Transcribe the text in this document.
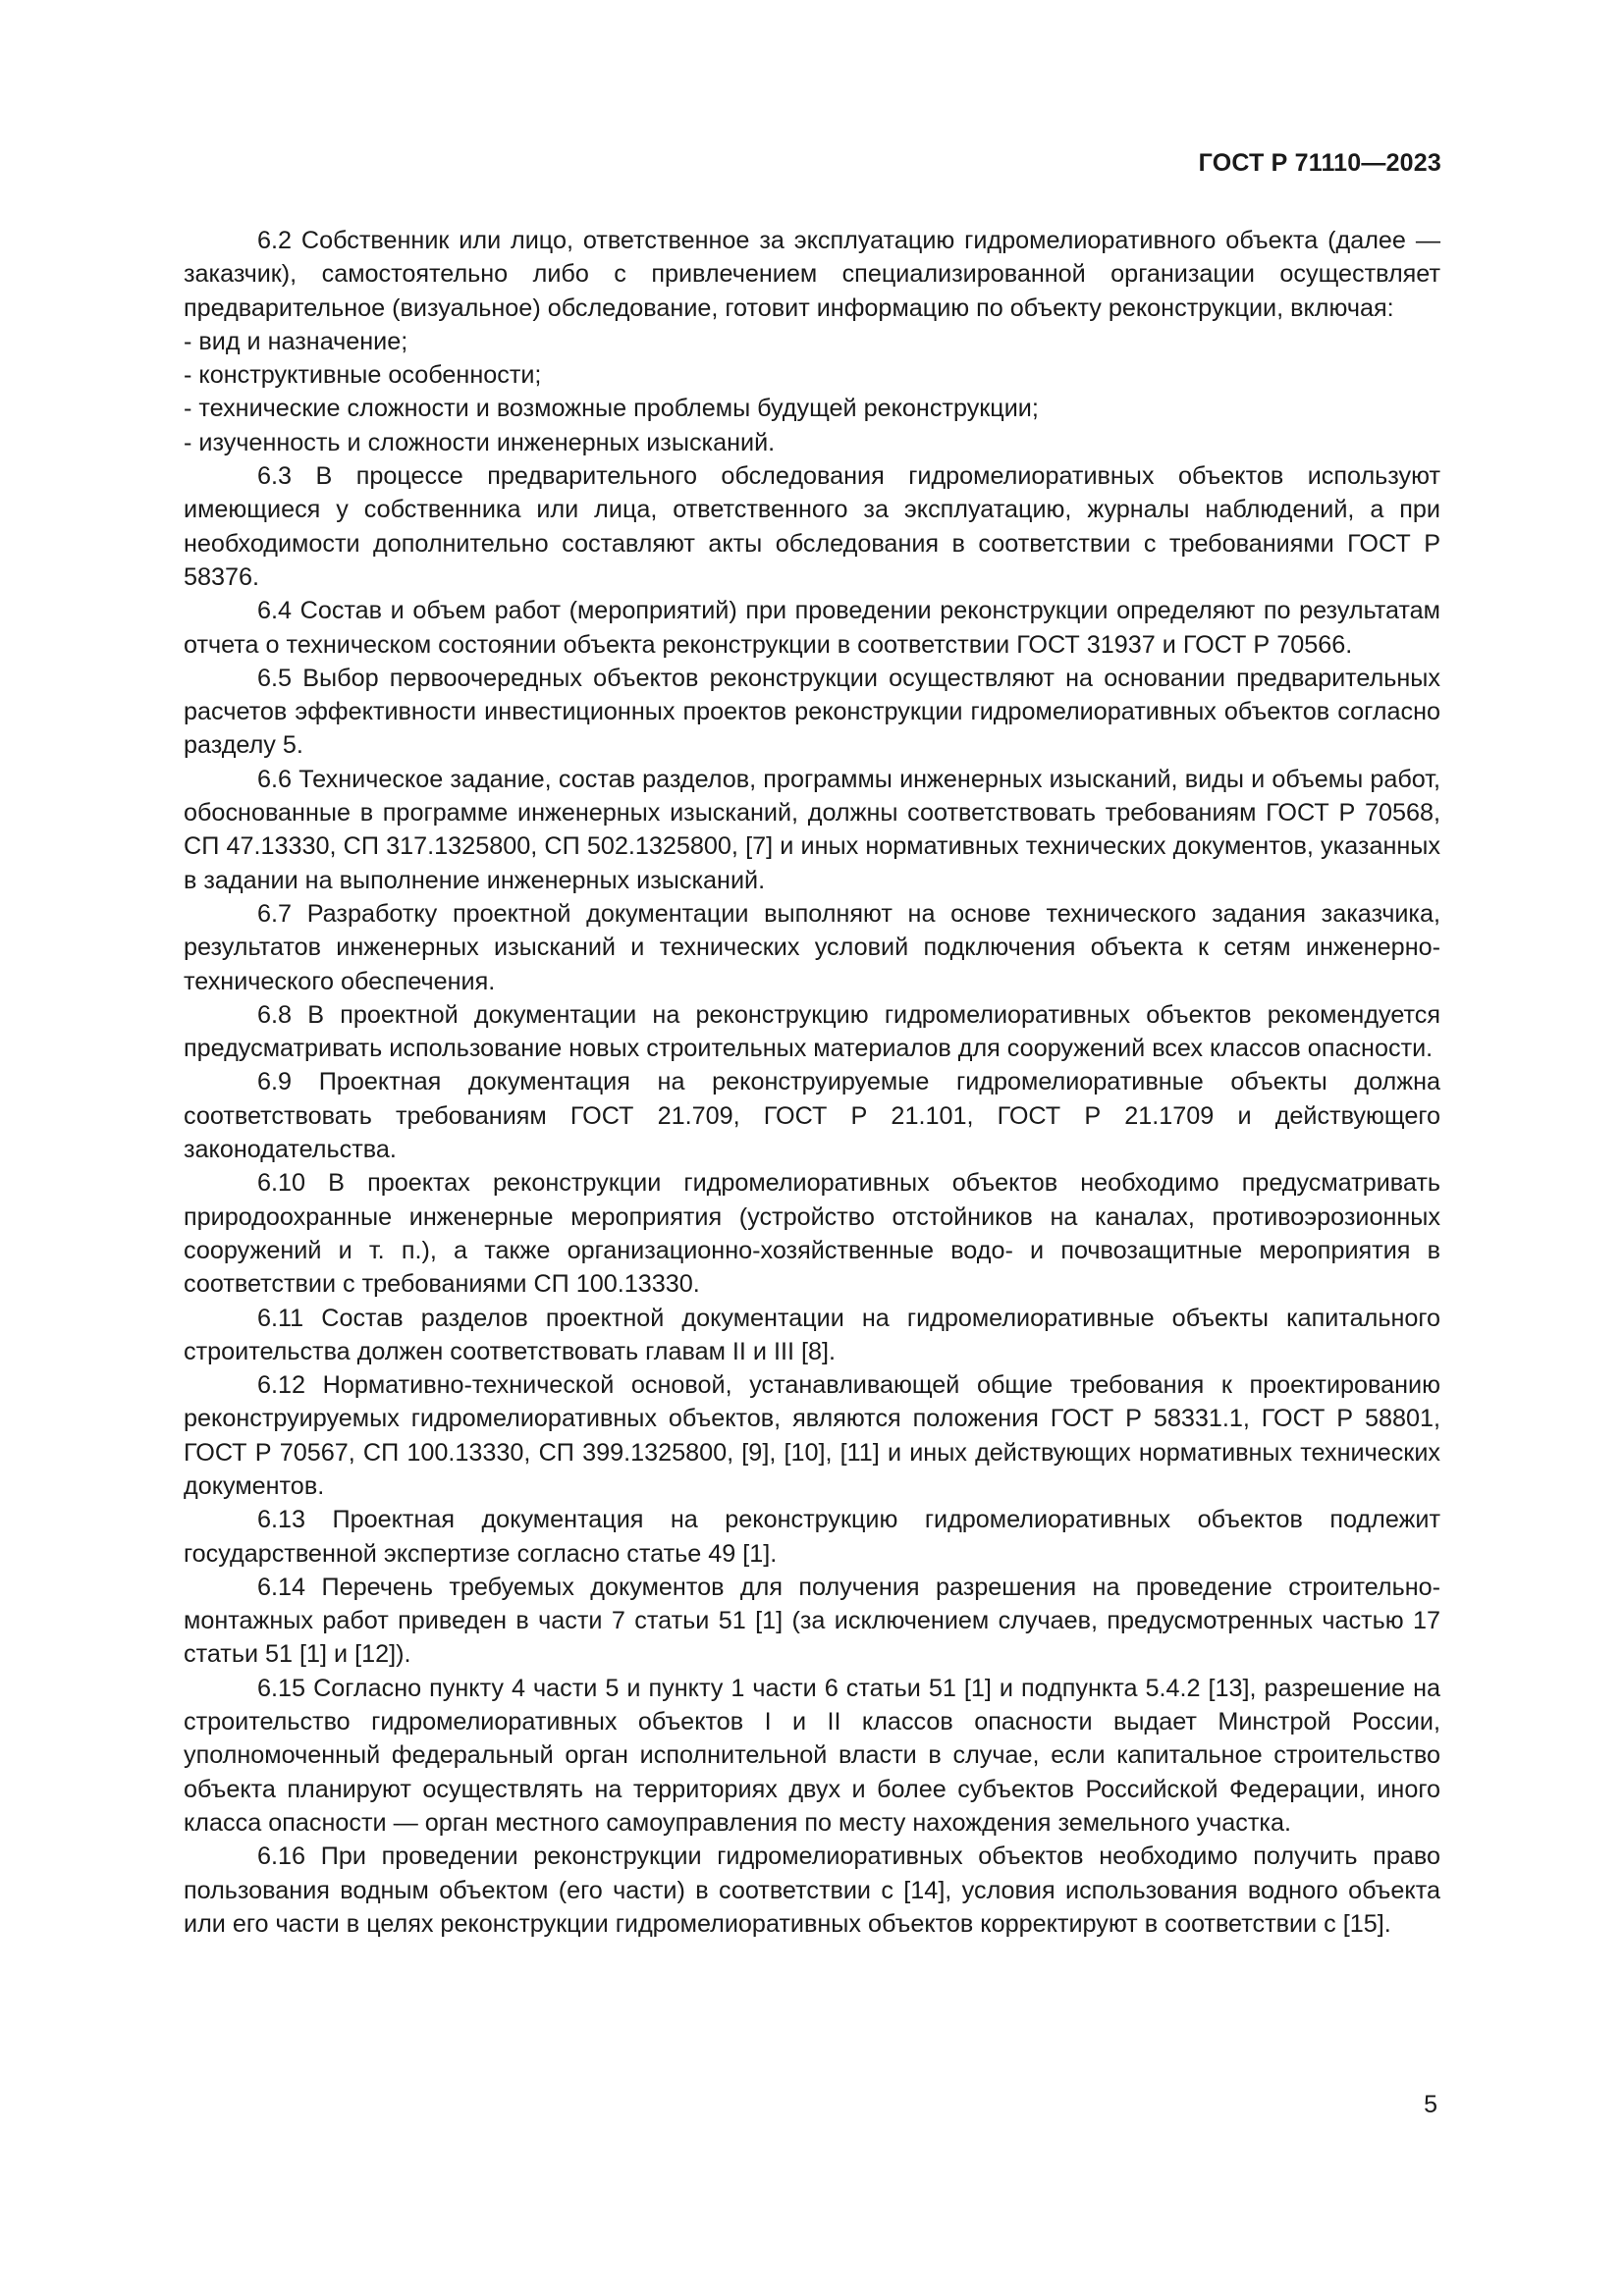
ГОСТ Р 71110—2023

6.2 Собственник или лицо, ответственное за эксплуатацию гидромелиоративного объекта (далее — заказчик), самостоятельно либо с привлечением специализированной организации осуществляет предварительное (визуальное) обследование, готовит информацию по объекту реконструкции, включая:

- вид и назначение;

- конструктивные особенности;

- технические сложности и возможные проблемы будущей реконструкции;

- изученность и сложности инженерных изысканий.

6.3 В процессе предварительного обследования гидромелиоративных объектов используют имеющиеся у собственника или лица, ответственного за эксплуатацию, журналы наблюдений, а при необходимости дополнительно составляют акты обследования в соответствии с требованиями ГОСТ Р 58376.

6.4 Состав и объем работ (мероприятий) при проведении реконструкции определяют по результатам отчета о техническом состоянии объекта реконструкции в соответствии ГОСТ 31937 и ГОСТ Р 70566.

6.5 Выбор первоочередных объектов реконструкции осуществляют на основании предварительных расчетов эффективности инвестиционных проектов реконструкции гидромелиоративных объектов согласно разделу 5.

6.6 Техническое задание, состав разделов, программы инженерных изысканий, виды и объемы работ, обоснованные в программе инженерных изысканий, должны соответствовать требованиям ГОСТ Р 70568, СП 47.13330, СП 317.1325800, СП 502.1325800, [7] и иных нормативных технических документов, указанных в задании на выполнение инженерных изысканий.

6.7 Разработку проектной документации выполняют на основе технического задания заказчика, результатов инженерных изысканий и технических условий подключения объекта к сетям инженерно-технического обеспечения.

6.8 В проектной документации на реконструкцию гидромелиоративных объектов рекомендуется предусматривать использование новых строительных материалов для сооружений всех классов опасности.

6.9 Проектная документация на реконструируемые гидромелиоративные объекты должна соответствовать требованиям ГОСТ 21.709, ГОСТ Р 21.101, ГОСТ Р 21.1709 и действующего законодательства.

6.10 В проектах реконструкции гидромелиоративных объектов необходимо предусматривать природоохранные инженерные мероприятия (устройство отстойников на каналах, противоэрозионных сооружений и т. п.), а также организационно-хозяйственные водо- и почвозащитные мероприятия в соответствии с требованиями СП 100.13330.

6.11 Состав разделов проектной документации на гидромелиоративные объекты капитального строительства должен соответствовать главам II и III [8].

6.12 Нормативно-технической основой, устанавливающей общие требования к проектированию реконструируемых гидромелиоративных объектов, являются положения ГОСТ Р 58331.1, ГОСТ Р 58801, ГОСТ Р 70567, СП 100.13330, СП 399.1325800, [9], [10], [11] и иных действующих нормативных технических документов.

6.13 Проектная документация на реконструкцию гидромелиоративных объектов подлежит государственной экспертизе согласно статье 49 [1].

6.14 Перечень требуемых документов для получения разрешения на проведение строительно-монтажных работ приведен в части 7 статьи 51 [1] (за исключением случаев, предусмотренных частью 17 статьи 51 [1] и [12]).

6.15 Согласно пункту 4 части 5 и пункту 1 части 6 статьи 51 [1] и подпункта 5.4.2 [13], разрешение на строительство гидромелиоративных объектов I и II классов опасности выдает Минстрой России, уполномоченный федеральный орган исполнительной власти в случае, если капитальное строительство объекта планируют осуществлять на территориях двух и более субъектов Российской Федерации, иного класса опасности — орган местного самоуправления по месту нахождения земельного участка.

6.16 При проведении реконструкции гидромелиоративных объектов необходимо получить право пользования водным объектом (его части) в соответствии с [14], условия использования водного объекта или его части в целях реконструкции гидромелиоративных объектов корректируют в соответствии с [15].

5
